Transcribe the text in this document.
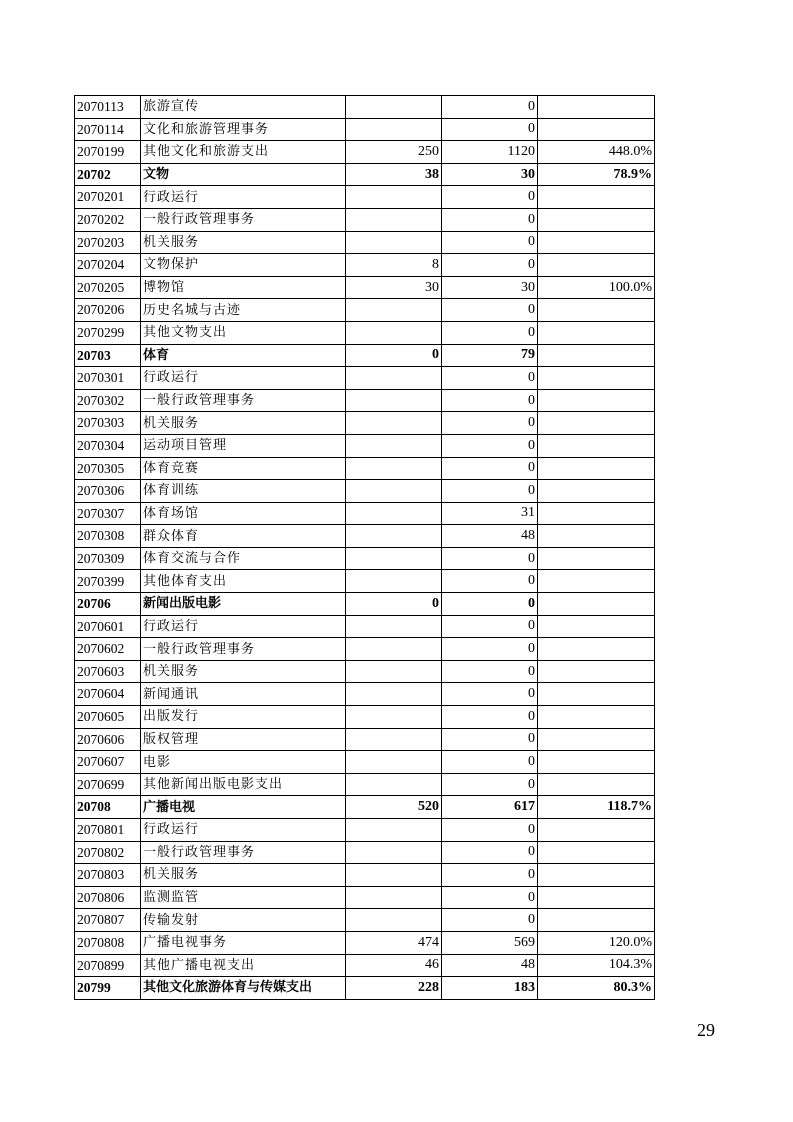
2070113	旅游宣传		0	
2070114	文化和旅游管理事务		0	
2070199	其他文化和旅游支出	250	1120	448.0%
20702	文物	38	30	78.9%
2070201	行政运行		0	
2070202	一般行政管理事务		0	
2070203	机关服务		0	
2070204	文物保护	8	0	
2070205	博物馆	30	30	100.0%
2070206	历史名城与古迹		0	
2070299	其他文物支出		0	
20703	体育	0	79	
2070301	行政运行		0	
2070302	一般行政管理事务		0	
2070303	机关服务		0	
2070304	运动项目管理		0	
2070305	体育竞赛		0	
2070306	体育训练		0	
2070307	体育场馆		31	
2070308	群众体育		48	
2070309	体育交流与合作		0	
2070399	其他体育支出		0	
20706	新闻出版电影	0	0	
2070601	行政运行		0	
2070602	一般行政管理事务		0	
2070603	机关服务		0	
2070604	新闻通讯		0	
2070605	出版发行		0	
2070606	版权管理		0	
2070607	电影		0	
2070699	其他新闻出版电影支出		0	
20708	广播电视	520	617	118.7%
2070801	行政运行		0	
2070802	一般行政管理事务		0	
2070803	机关服务		0	
2070806	监测监管		0	
2070807	传输发射		0	
2070808	广播电视事务	474	569	120.0%
2070899	其他广播电视支出	46	48	104.3%
20799	其他文化旅游体育与传媒支出	228	183	80.3%
29
